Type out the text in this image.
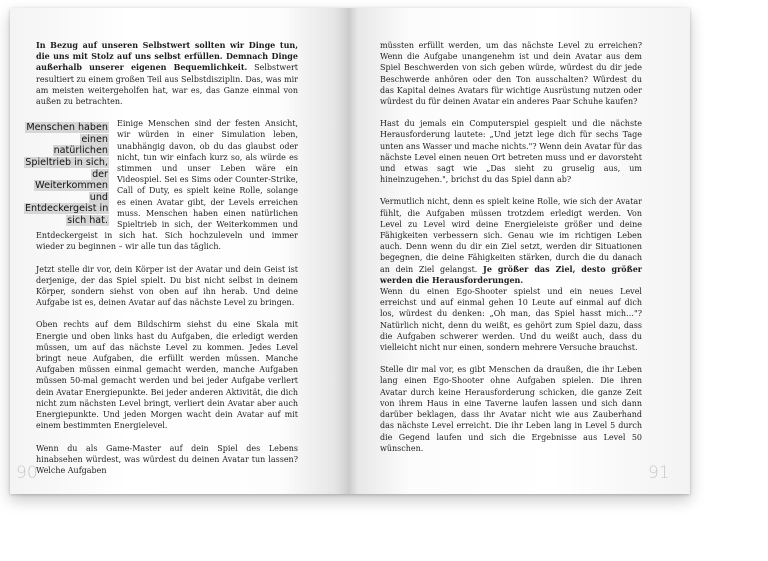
In Bezug auf unseren Selbstwert sollten wir Dinge tun, die uns mit Stolz auf uns selbst erfüllen. Demnach Dinge außerhalb unserer eigenen Bequemlichkeit. Selbstwert resultiert zu einem großen Teil aus Selbstdisziplin. Das, was mir am meisten weitergeholfen hat, war es, das Ganze einmal von außen zu betrachten.

Menschen haben einen natürlichen Spieltrieb in sich, der Weiterkommen und Entdeckergeist in sich hat.

Einige Menschen sind der festen Ansicht, wir würden in einer Simulation leben, unabhängig davon, ob du das glaubst oder nicht, tun wir einfach kurz so, als würde es stimmen und unser Leben wäre ein Videospiel. Sei es Sims oder Counter-Strike, Call of Duty, es spielt keine Rolle, solange es einen Avatar gibt, der Levels erreichen muss. Menschen haben einen natürlichen Spieltrieb in sich, der Weiterkommen und Entdeckergeist in sich hat. Sich hochzuleveln und immer wieder zu beginnen – wir alle tun das täglich.

Jetzt stelle dir vor, dein Körper ist der Avatar und dein Geist ist derjenige, der das Spiel spielt. Du bist nicht selbst in deinem Körper, sondern siehst von oben auf ihn herab. Und deine Aufgabe ist es, deinen Avatar auf das nächste Level zu bringen.

Oben rechts auf dem Bildschirm siehst du eine Skala mit Energie und oben links hast du Aufgaben, die erledigt werden müssen, um auf das nächste Level zu kommen. Jedes Level bringt neue Aufgaben, die erfüllt werden müssen. Manche Aufgaben müssen einmal gemacht werden, manche Aufgaben müssen 50-mal gemacht werden und bei jeder Aufgabe verliert dein Avatar Energiepunkte. Bei jeder anderen Aktivität, die dich nicht zum nächsten Level bringt, verliert dein Avatar aber auch Energiepunkte. Und jeden Morgen wacht dein Avatar auf mit einem bestimmten Energielevel.

Wenn du als Game-Master auf dein Spiel des Lebens hinabsehen würdest, was würdest du deinen Avatar tun lassen? Welche Aufgaben

müssten erfüllt werden, um das nächste Level zu erreichen? Wenn die Aufgabe unangenehm ist und dein Avatar aus dem Spiel Beschwerden von sich geben würde, würdest du dir jede Beschwerde anhören oder den Ton ausschalten? Würdest du das Kapital deines Avatars für wichtige Ausrüstung nutzen oder würdest du für deinen Avatar ein anderes Paar Schuhe kaufen?

Hast du jemals ein Computerspiel gespielt und die nächste Herausforderung lautete: „Und jetzt lege dich für sechs Tage unten ans Wasser und mache nichts."? Wenn dein Avatar für das nächste Level einen neuen Ort betreten muss und er davorsteht und etwas sagt wie „Das sieht zu gruselig aus, um hineinzugehen.", brichst du das Spiel dann ab?

Vermutlich nicht, denn es spielt keine Rolle, wie sich der Avatar fühlt, die Aufgaben müssen trotzdem erledigt werden. Von Level zu Level wird deine Energieleiste größer und deine Fähigkeiten verbessern sich. Genau wie im richtigen Leben auch. Denn wenn du dir ein Ziel setzt, werden dir Situationen begegnen, die deine Fähigkeiten stärken, durch die du danach an dein Ziel gelangst. Je größer das Ziel, desto größer werden die Herausforderungen.

Wenn du einen Ego-Shooter spielst und ein neues Level erreichst und auf einmal gehen 10 Leute auf einmal auf dich los, würdest du denken: „Oh man, das Spiel hasst mich…"? Natürlich nicht, denn du weißt, es gehört zum Spiel dazu, dass die Aufgaben schwerer werden. Und du weißt auch, dass du vielleicht nicht nur einen, sondern mehrere Versuche brauchst.

Stelle dir mal vor, es gibt Menschen da draußen, die ihr Leben lang einen Ego-Shooter ohne Aufgaben spielen. Die ihren Avatar durch keine Herausforderung schicken, die ganze Zeit von ihrem Haus in eine Taverne laufen lassen und sich dann darüber beklagen, dass ihr Avatar nicht wie aus Zauberhand das nächste Level erreicht. Die ihr Leben lang in Level 5 durch die Gegend laufen und sich die Ergebnisse aus Level 50 wünschen.

90	91
